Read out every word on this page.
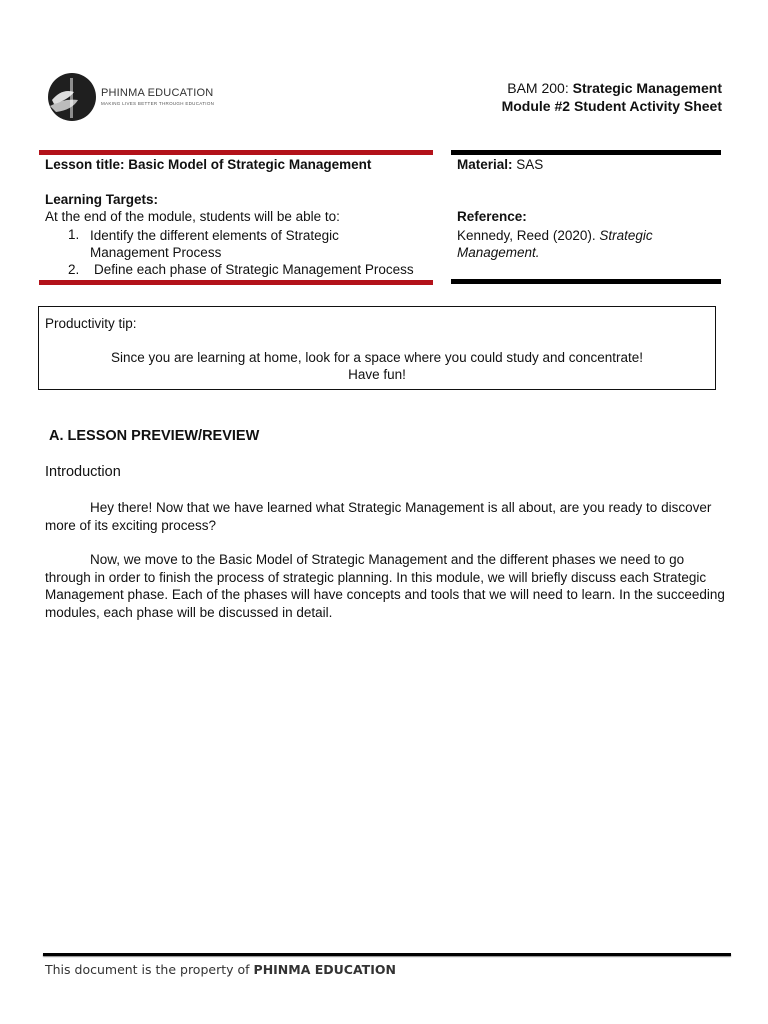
PHINMA EDUCATION
MAKING LIVES BETTER THROUGH EDUCATION
BAM 200: Strategic Management
Module #2 Student Activity Sheet
Lesson title: Basic Model of Strategic Management
Learning Targets:
At the end of the module, students will be able to:
1. Identify the different elements of Strategic Management Process
2. Define each phase of Strategic Management Process
Material: SAS
Reference:
Kennedy, Reed (2020). Strategic Management.
Productivity tip:
Since you are learning at home, look for a space where you could study and concentrate!
Have fun!
A. LESSON PREVIEW/REVIEW
Introduction
Hey there! Now that we have learned what Strategic Management is all about, are you ready to discover more of its exciting process?
Now, we move to the Basic Model of Strategic Management and the different phases we need to go through in order to finish the process of strategic planning. In this module, we will briefly discuss each Strategic Management phase. Each of the phases will have concepts and tools that we will need to learn. In the succeeding modules, each phase will be discussed in detail.
This document is the property of PHINMA EDUCATION
